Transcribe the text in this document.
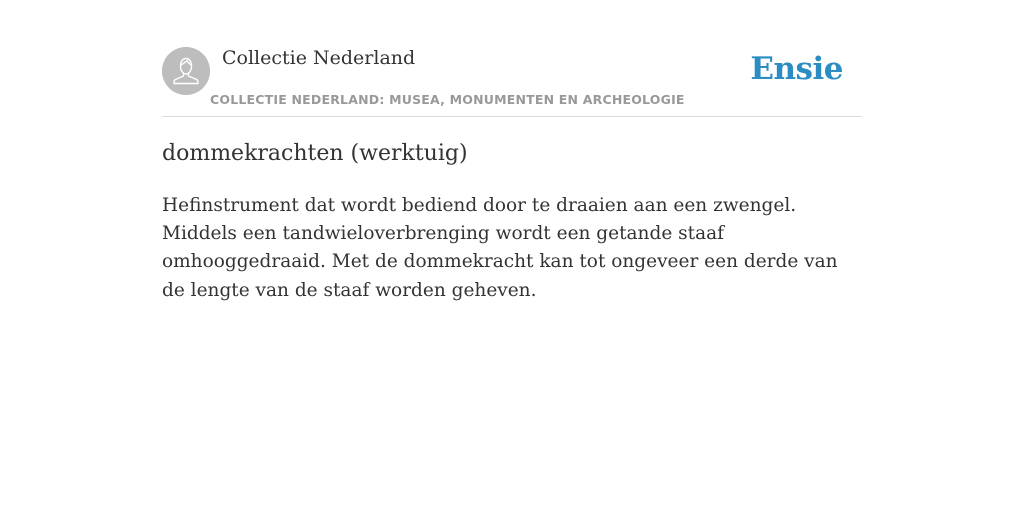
Collectie Nederland
COLLECTIE NEDERLAND: MUSEA, MONUMENTEN EN ARCHEOLOGIE
Ensie
dommekrachten (werktuig)

Hefinstrument dat wordt bediend door te draaien aan een zwengel. Middels een tandwieloverbrenging wordt een getande staaf omhooggedraaid. Met de dommekracht kan tot ongeveer een derde van de lengte van de staaf worden geheven.
